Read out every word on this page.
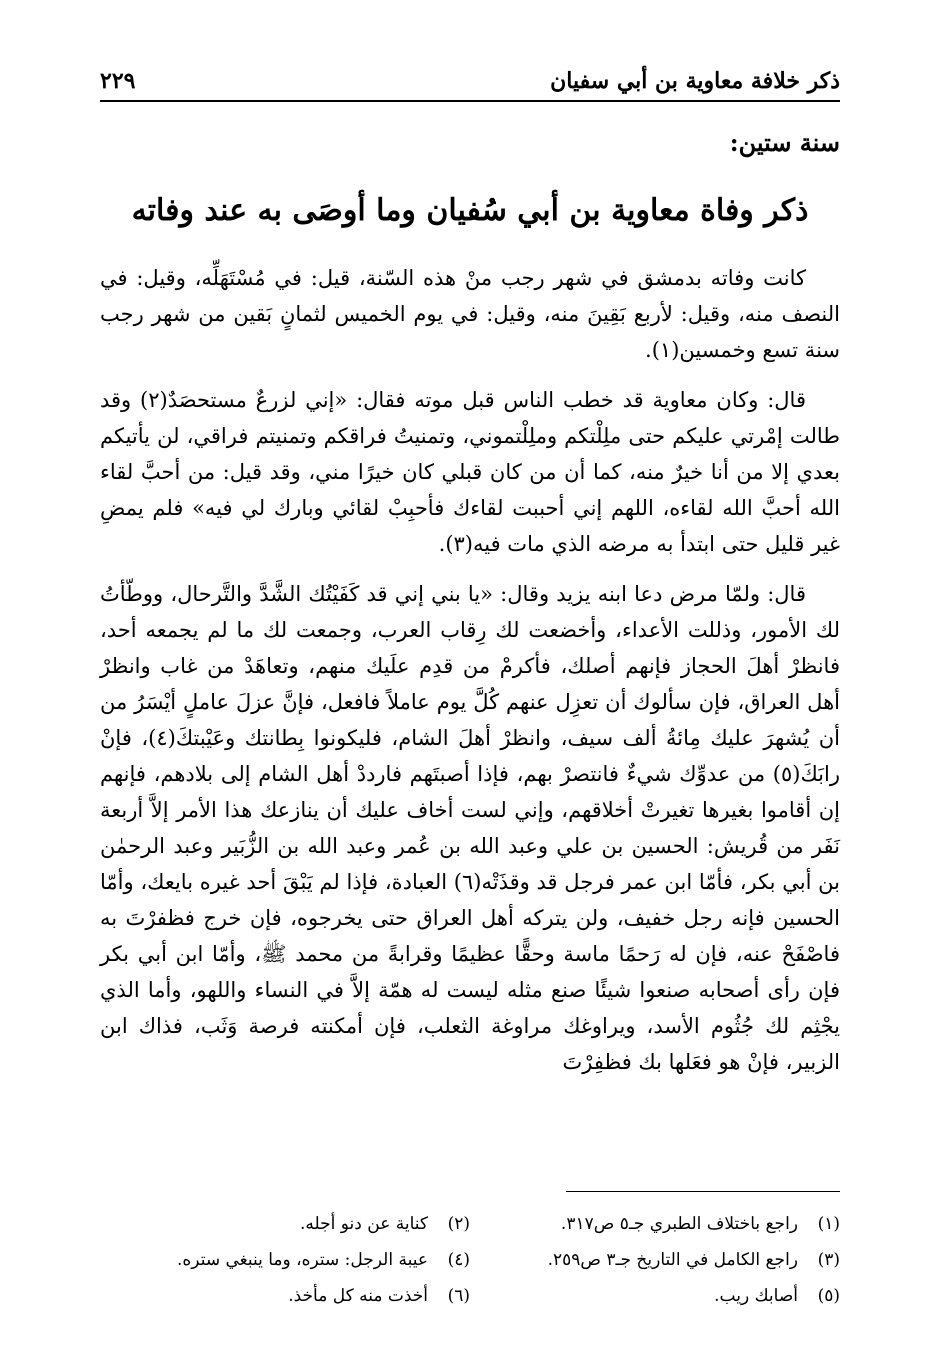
ذكر خلافة معاوية بن أبي سفيان
٢٢٩
سنة ستين:
ذكر وفاة معاوية بن أبي سُفيان وما أوصَى به عند وفاته

كانت وفاته بدمشق في شهر رجب منْ هذه السّنة، قيل: في مُسْتَهَلِّه، وقيل: في النصف منه، وقيل: لأربع بَقِينَ منه، وقيل: في يوم الخميس لثمانٍ بَقين من شهر رجب سنة تسع وخمسين(١).

قال: وكان معاوية قد خطب الناس قبل موته فقال: «إني لزرعٌ مستحصَدٌ(٢) وقد طالت إمْرتي عليكم حتى ملِلْتكم وملِلْتموني، وتمنيتُ فراقكم وتمنيتم فراقي، لن يأتيكم بعدي إلا من أنا خيرٌ منه، كما أن من كان قبلي كان خيرًا مني، وقد قيل: من أحبَّ لقاء الله أحبَّ الله لقاءه، اللهم إني أحببت لقاءك فأحبِبْ لقائي وبارك لي فيه» فلم يمضِ غير قليل حتى ابتدأ به مرضه الذي مات فيه(٣).

قال: ولمّا مرض دعا ابنه يزيد وقال: «يا بني إني قد كَفَيْتُك الشَّدَّ والتَّرحال، ووطّأتُ لك الأمور، وذللت الأعداء، وأخضعت لك رِقاب العرب، وجمعت لك ما لم يجمعه أحد، فانظرْ أهلَ الحجاز فإنهم أصلك، فأكرمْ من قدِم علَيك منهم، وتعاهَدْ من غاب وانظرْ أهل العراق، فإن سألوك أن تعزِل عنهم كُلَّ يوم عاملاً فافعل، فإنَّ عزلَ عاملٍ أيْسَرُ من أن يُشهرَ عليك مِائةُ ألف سيف، وانظرْ أهلَ الشام، فليكونوا بِطانتك وعَيْبتكَ(٤)، فإنْ رابَكَ(٥) من عدوِّك شيءٌ فانتصرْ بهم، فإذا أصبتَهم فارددْ أهل الشام إلى بلادهم، فإنهم إن أقاموا بغيرها تغيرتْ أخلاقهم، وإني لست أخاف عليك أن ينازعك هذا الأمر إلاَّ أربعة نَفَر من قُريش: الحسين بن علي وعبد الله بن عُمر وعبد الله بن الزُّبَير وعبد الرحمٰن بن أبي بكر، فأمّا ابن عمر فرجل قد وقذَتْه(٦) العبادة، فإذا لم يَبْقَ أحد غيره بايعك، وأمّا الحسين فإنه رجل خفيف، ولن يتركه أهل العراق حتى يخرجوه، فإن خرج فظفرْتَ به فاصْفَحْ عنه، فإن له رَحمًا ماسة وحقًّا عظيمًا وقرابةً من محمد ﷺ، وأمّا ابن أبي بكر فإن رأى أصحابه صنعوا شيئًا صنع مثله ليست له همّة إلاَّ في النساء واللهو، وأما الذي يجْثِم لك جُثُوم الأسد، ويراوغك مراوغة الثعلب، فإن أمكنته فرصة وَثَب، فذاك ابن الزبير، فإنْ هو فعَلها بك فظفِرْتَ

(١)
راجع باختلاف الطبري جـ٥ ص٣١٧.
(٢)
كناية عن دنو أجله.
(٣)
راجع الكامل في التاريخ جـ٣ ص٢٥٩.
(٤)
عيبة الرجل: ستره، وما ينبغي ستره.
(٥)
أصابك ريب.
(٦)
أخذت منه كل مأخذ.
